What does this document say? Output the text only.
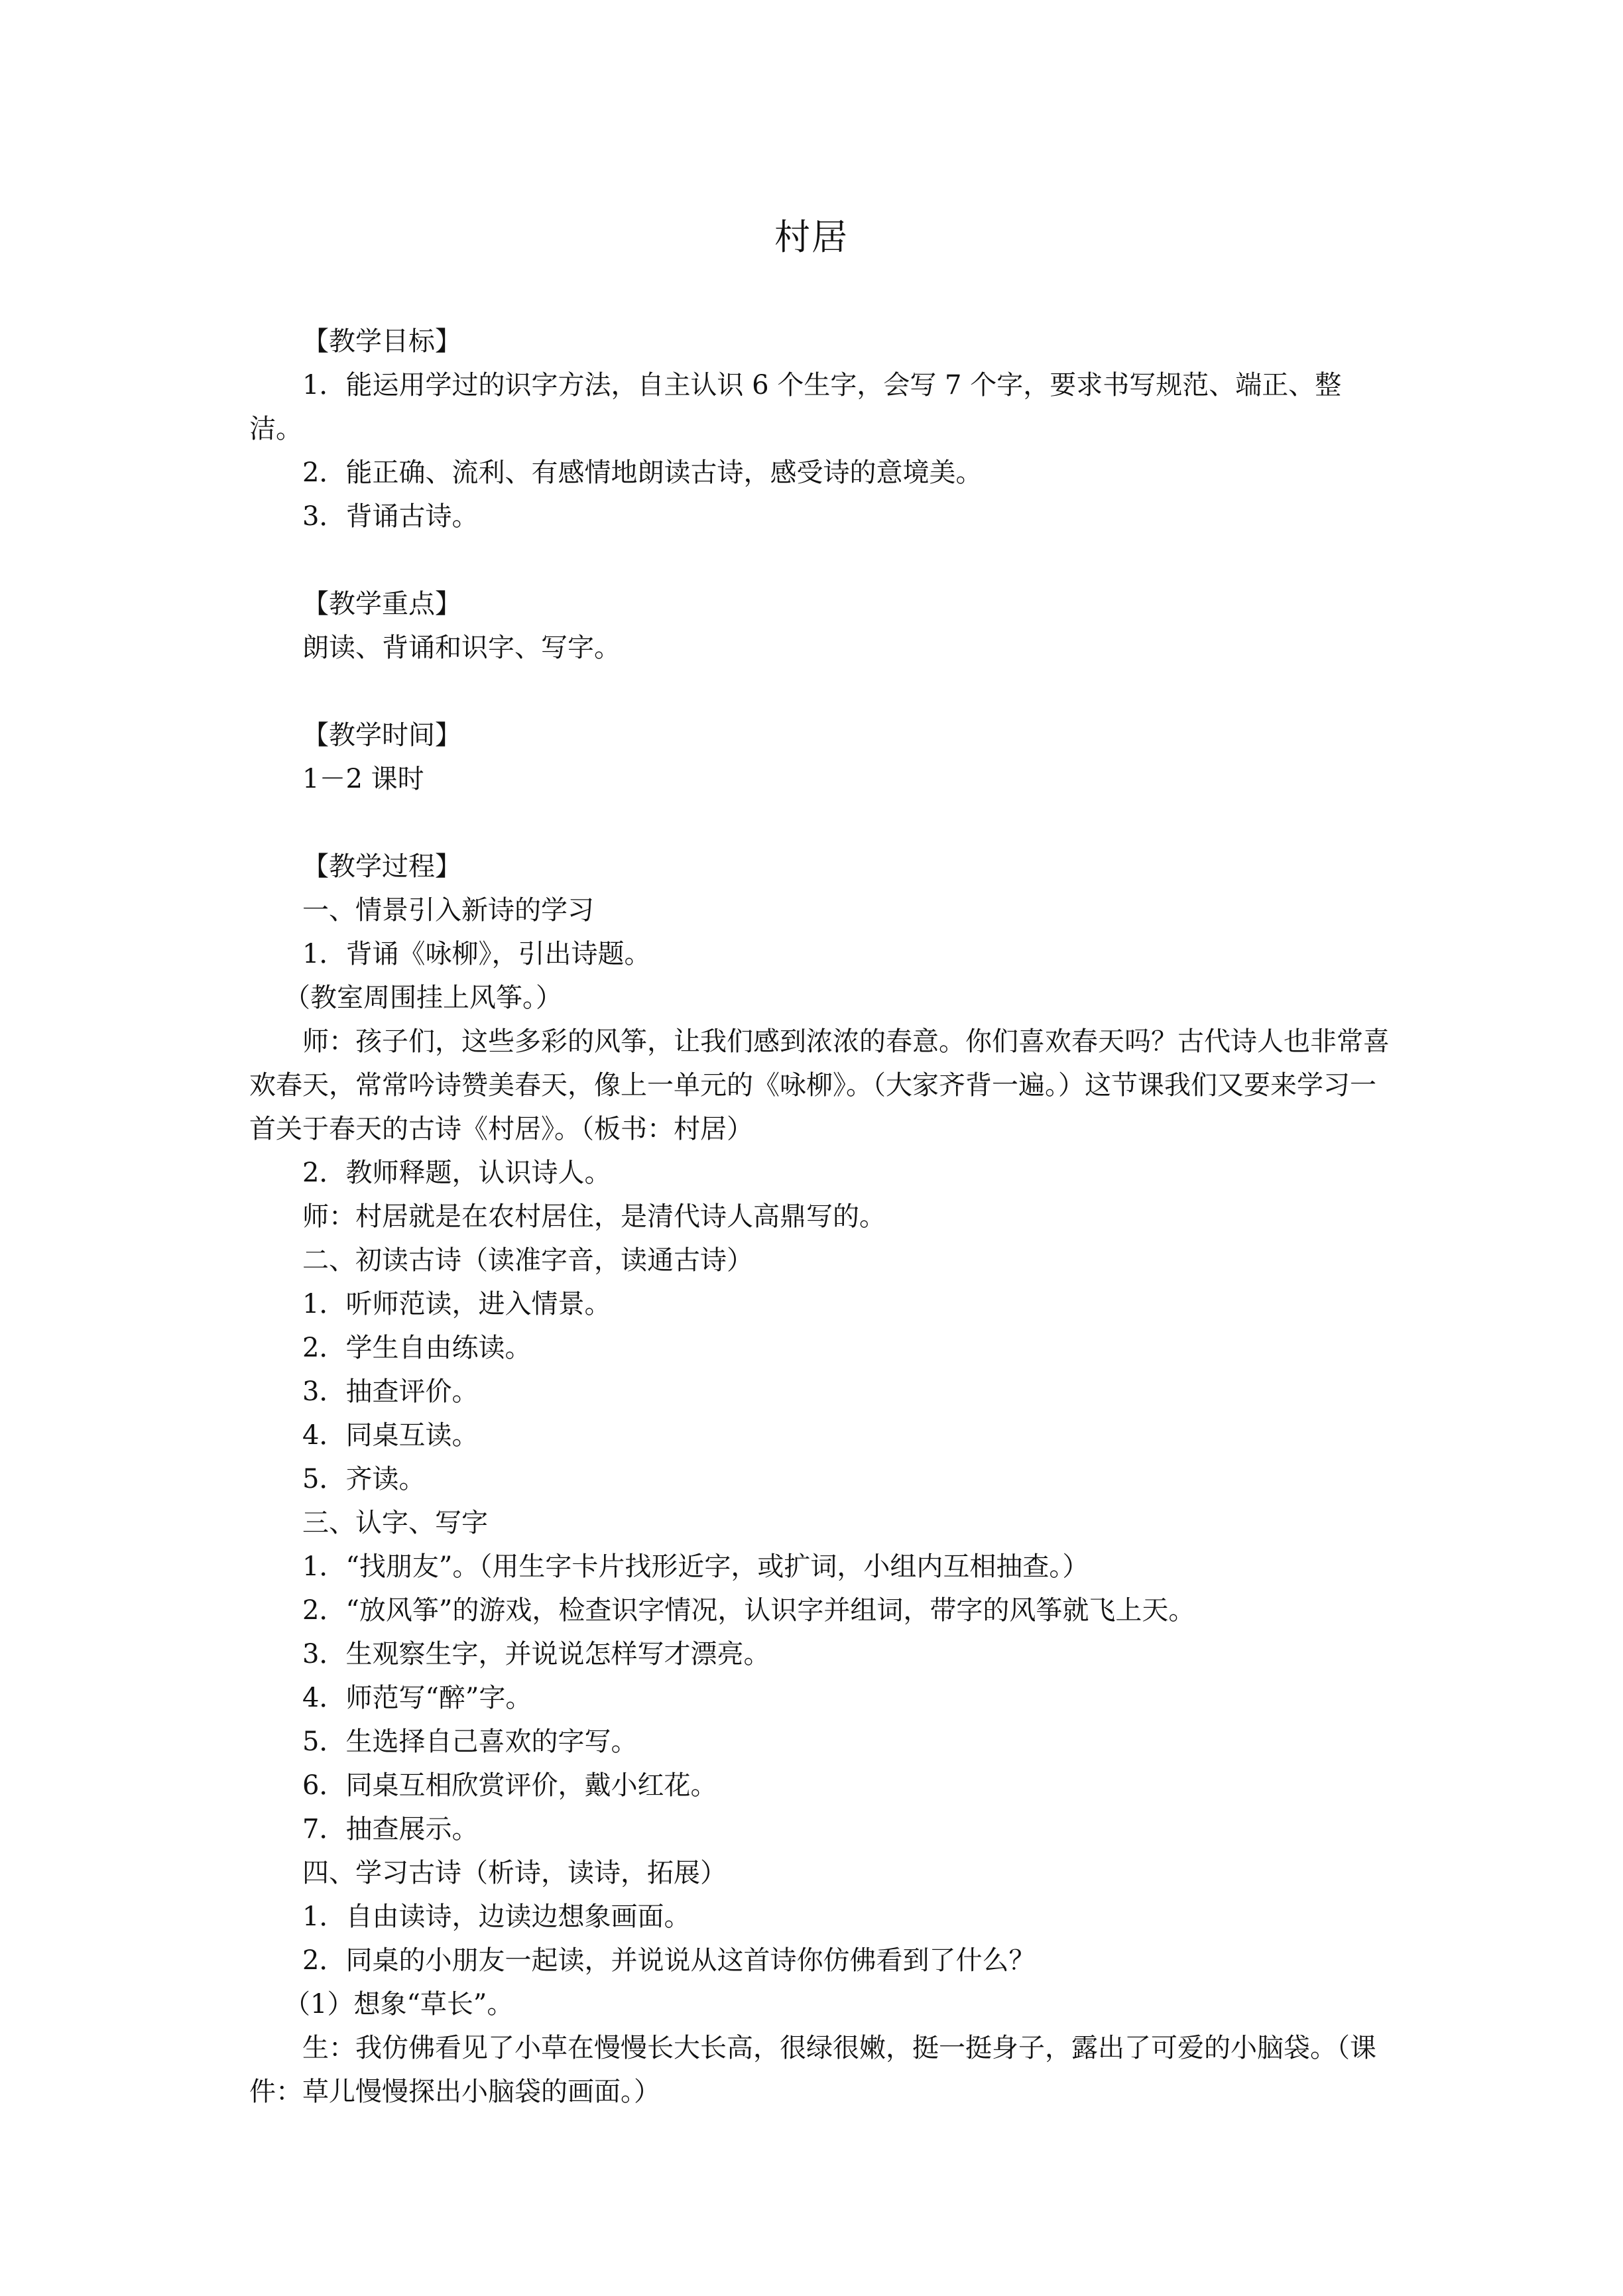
村居

【教学目标】

1．能运用学过的识字方法，自主认识 6 个生字，会写 7 个字，要求书写规范、端正、整洁。

2．能正确、流利、有感情地朗读古诗，感受诗的意境美。

3．背诵古诗。

【教学重点】

朗读、背诵和识字、写字。

【教学时间】

1－2 课时

【教学过程】

一、情景引入新诗的学习

1．背诵《咏柳》，引出诗题。

（教室周围挂上风筝。）

师：孩子们，这些多彩的风筝，让我们感到浓浓的春意。你们喜欢春天吗？古代诗人也非常喜欢春天，常常吟诗赞美春天，像上一单元的《咏柳》。（大家齐背一遍。）这节课我们又要来学习一首关于春天的古诗《村居》。（板书：村居）

2．教师释题，认识诗人。

师：村居就是在农村居住，是清代诗人高鼎写的。

二、初读古诗（读准字音，读通古诗）

1．听师范读，进入情景。

2．学生自由练读。

3．抽查评价。

4．同桌互读。

5．齐读。

三、认字、写字

1．“找朋友”。（用生字卡片找形近字，或扩词，小组内互相抽查。）

2．“放风筝”的游戏，检查识字情况，认识字并组词，带字的风筝就飞上天。

3．生观察生字，并说说怎样写才漂亮。

4．师范写“醉”字。

5．生选择自己喜欢的字写。

6．同桌互相欣赏评价，戴小红花。

7．抽查展示。

四、学习古诗（析诗，读诗，拓展）

1．自由读诗，边读边想象画面。

2．同桌的小朋友一起读，并说说从这首诗你仿佛看到了什么？

（1）想象“草长”。

生：我仿佛看见了小草在慢慢长大长高，很绿很嫩，挺一挺身子，露出了可爱的小脑袋。（课件：草儿慢慢探出小脑袋的画面。）
